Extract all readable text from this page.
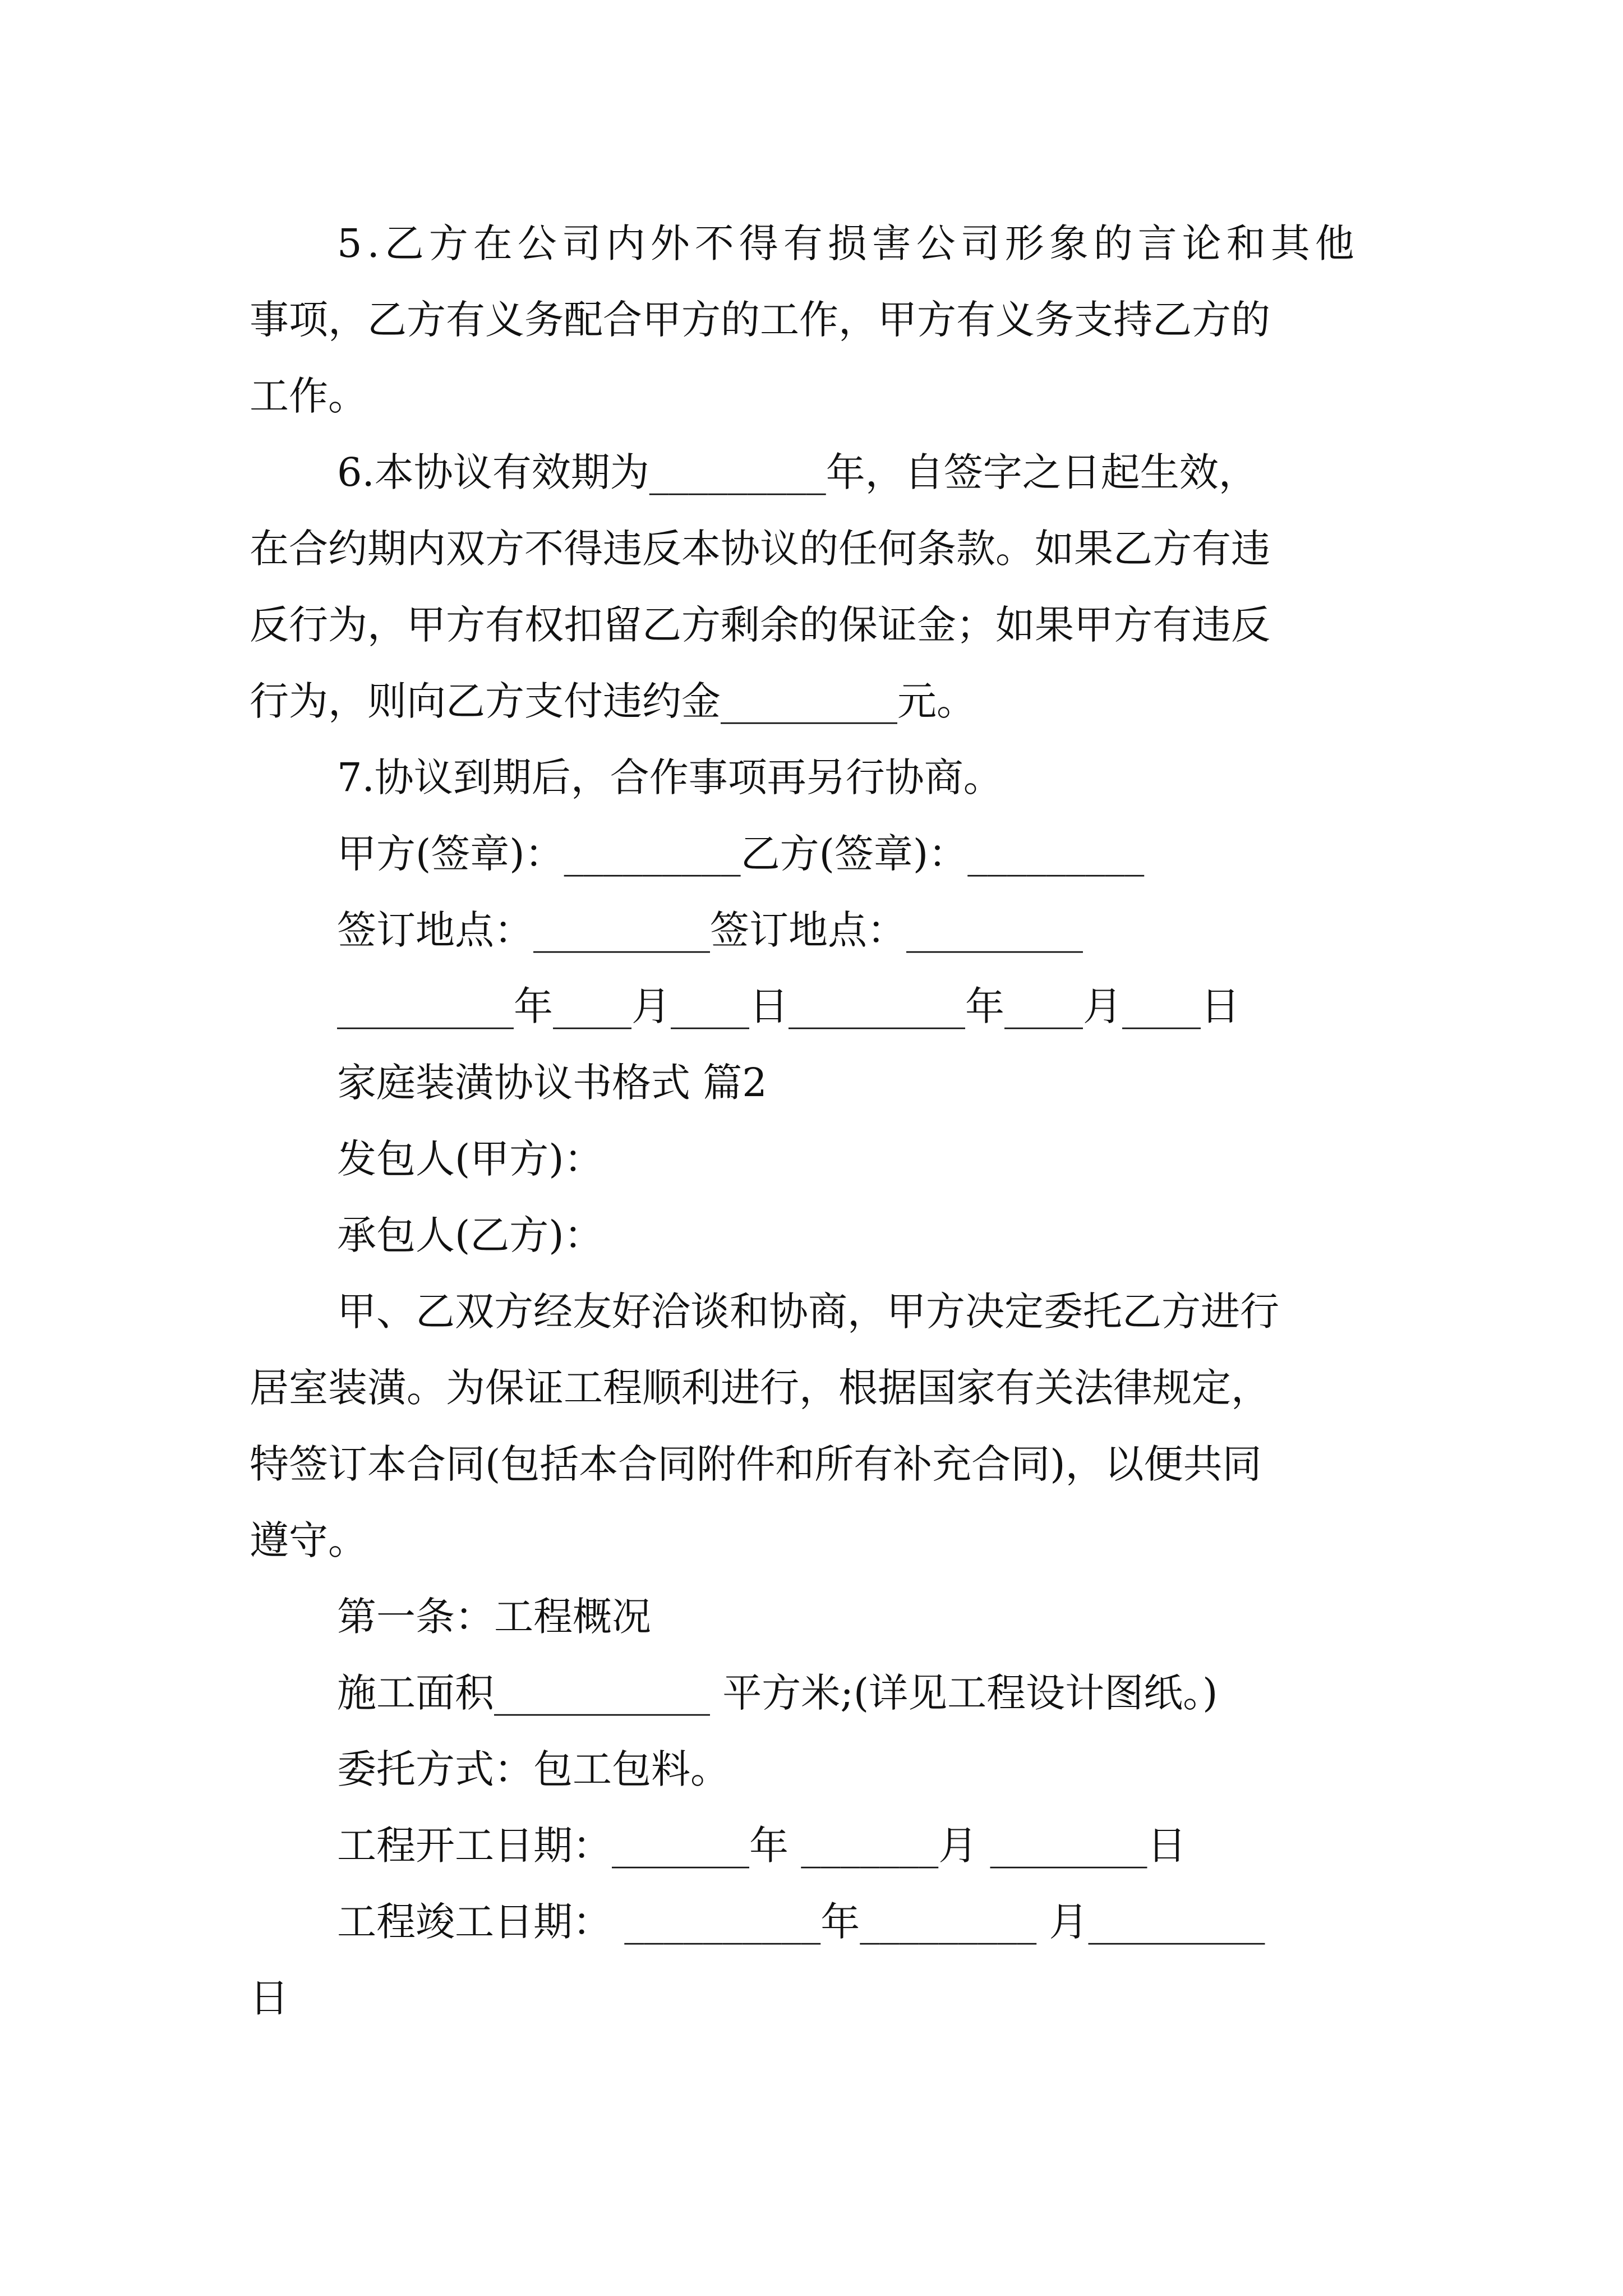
5.乙方在公司内外不得有损害公司形象的言论和其他
事项，乙方有义务配合甲方的工作，甲方有义务支持乙方的
工作。
6.本协议有效期为_________年，自签字之日起生效，
在合约期内双方不得违反本协议的任何条款。如果乙方有违
反行为，甲方有权扣留乙方剩余的保证金；如果甲方有违反
行为，则向乙方支付违约金_________元。
7.协议到期后，合作事项再另行协商。
甲方(签章)：_________乙方(签章)：_________
签订地点：_________签订地点：_________
_________年____月____日_________年____月____日
家庭装潢协议书格式 篇2
发包人(甲方)：
承包人(乙方)：
甲、乙双方经友好洽谈和协商，甲方决定委托乙方进行
居室装潢。为保证工程顺利进行，根据国家有关法律规定，
特签订本合同(包括本合同附件和所有补充合同)，以便共同
遵守。
第一条：工程概况
施工面积___________ 平方米;(详见工程设计图纸。)
委托方式：包工包料。
工程开工日期：_______年 _______月 ________日
工程竣工日期： __________年_________ 月_________
日
